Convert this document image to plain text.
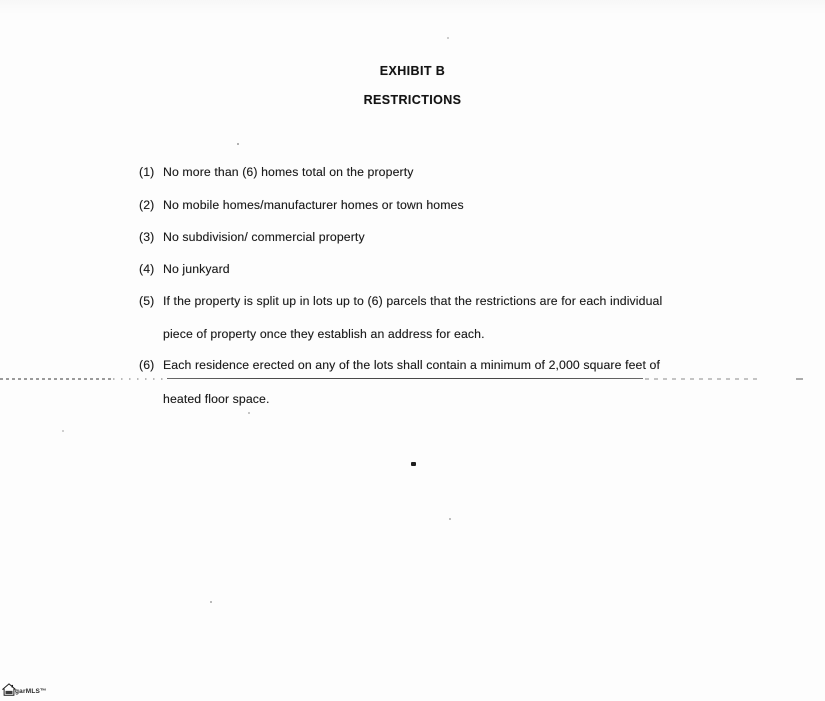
EXHIBIT B
RESTRICTIONS
(1) No more than (6) homes total on the property
(2) No mobile homes/manufacturer homes or town homes
(3) No subdivision/ commercial property
(4) No junkyard
(5) If the property is split up in lots up to (6) parcels that the restrictions are for each individual
piece of property once they establish an address for each.
(6) Each residence erected on any of the lots shall contain a minimum of 2,000 square feet of
heated floor space.
garMLS™
